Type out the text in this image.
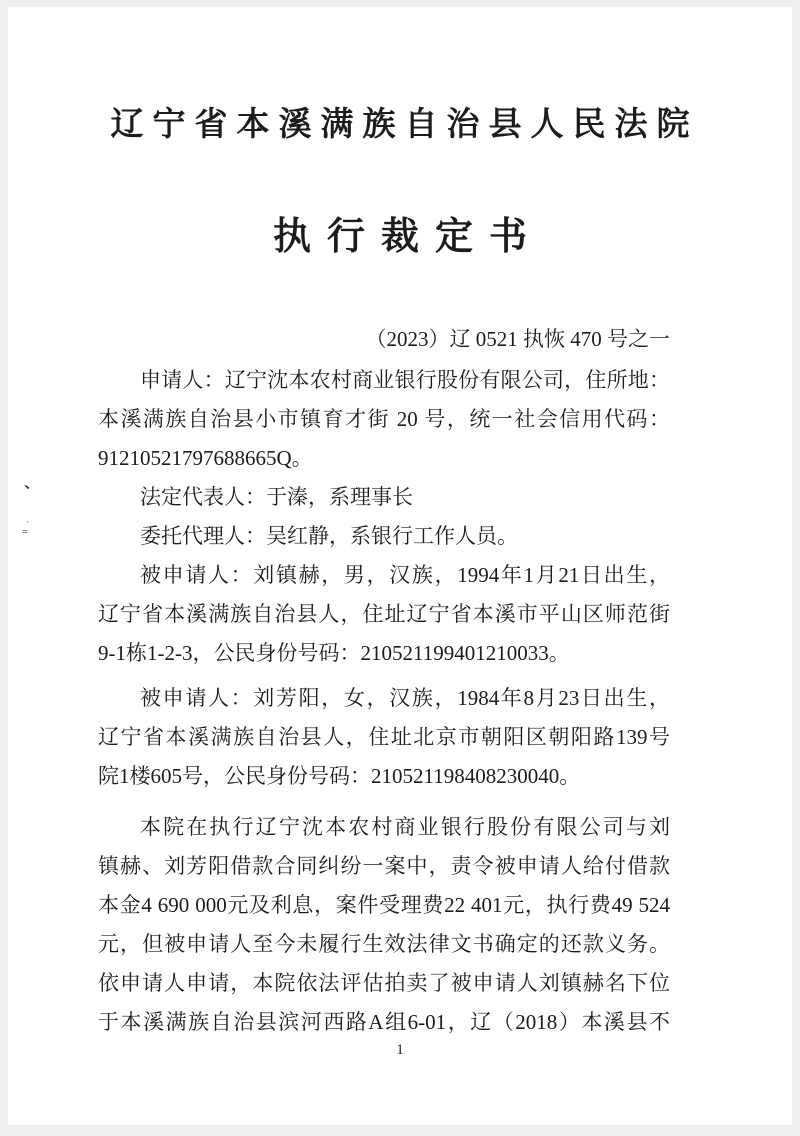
辽宁省本溪满族自治县人民法院
执行裁定书
（2023）辽 0521 执恢 470 号之一
申请人：辽宁沈本农村商业银行股份有限公司，住所地：
本溪满族自治县小市镇育才街 20 号，统一社会信用代码：
91210521797688665Q。
法定代表人：于溱，系理事长
委托代理人：吴红静，系银行工作人员。
被申请人：刘镇赫，男，汉族，1994年1月21日出生，
辽宁省本溪满族自治县人，住址辽宁省本溪市平山区师范街
9-1栋1-2-3，公民身份号码：210521199401210033。
被申请人：刘芳阳，女，汉族，1984年8月23日出生，
辽宁省本溪满族自治县人，住址北京市朝阳区朝阳路139号
院1楼605号，公民身份号码：210521198408230040。
本院在执行辽宁沈本农村商业银行股份有限公司与刘
镇赫、刘芳阳借款合同纠纷一案中，责令被申请人给付借款
本金4 690 000元及利息，案件受理费22 401元，执行费49 524
元，但被申请人至今未履行生效法律文书确定的还款义务。
依申请人申请，本院依法评估拍卖了被申请人刘镇赫名下位
于本溪满族自治县滨河西路A组6-01，辽（2018）本溪县不
1
、
·
=
